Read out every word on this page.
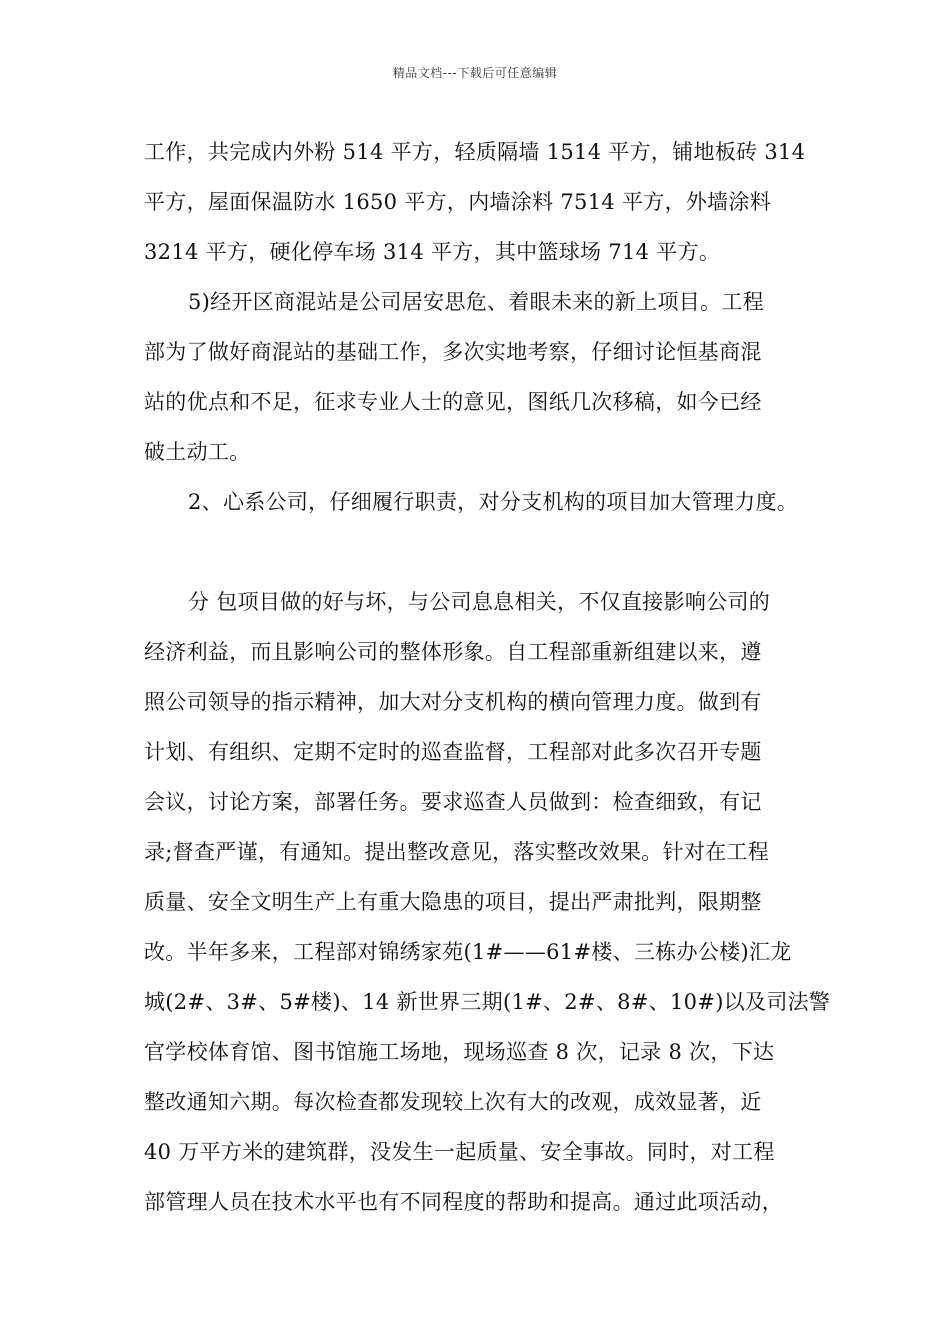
精品文档---下载后可任意编辑
工作，共完成内外粉 514 平方，轻质隔墙 1514 平方，铺地板砖 314
平方，屋面保温防水 1650 平方，内墙涂料 7514 平方，外墙涂料
3214 平方，硬化停车场 314 平方，其中篮球场 714 平方。
5)经开区商混站是公司居安思危、着眼未来的新上项目。工程
部为了做好商混站的基础工作，多次实地考察，仔细讨论恒基商混
站的优点和不足，征求专业人士的意见，图纸几次移稿，如今已经
破土动工。
2、心系公司，仔细履行职责，对分支机构的项目加大管理力度。
分 包项目做的好与坏，与公司息息相关，不仅直接影响公司的
经济利益，而且影响公司的整体形象。自工程部重新组建以来，遵
照公司领导的指示精神，加大对分支机构的横向管理力度。做到有
计划、有组织、定期不定时的巡查监督，工程部对此多次召开专题
会议，讨论方案，部署任务。要求巡查人员做到：检查细致，有记
录;督查严谨，有通知。提出整改意见，落实整改效果。针对在工程
质量、安全文明生产上有重大隐患的项目，提出严肃批判，限期整
改。半年多来，工程部对锦绣家苑(1#——61#楼、三栋办公楼)汇龙
城(2#、3#、5#楼)、14 新世界三期(1#、2#、8#、10#)以及司法警
官学校体育馆、图书馆施工场地，现场巡查 8 次，记录 8 次，下达
整改通知六期。每次检查都发现较上次有大的改观，成效显著，近
40 万平方米的建筑群，没发生一起质量、安全事故。同时，对工程
部管理人员在技术水平也有不同程度的帮助和提高。通过此项活动，
